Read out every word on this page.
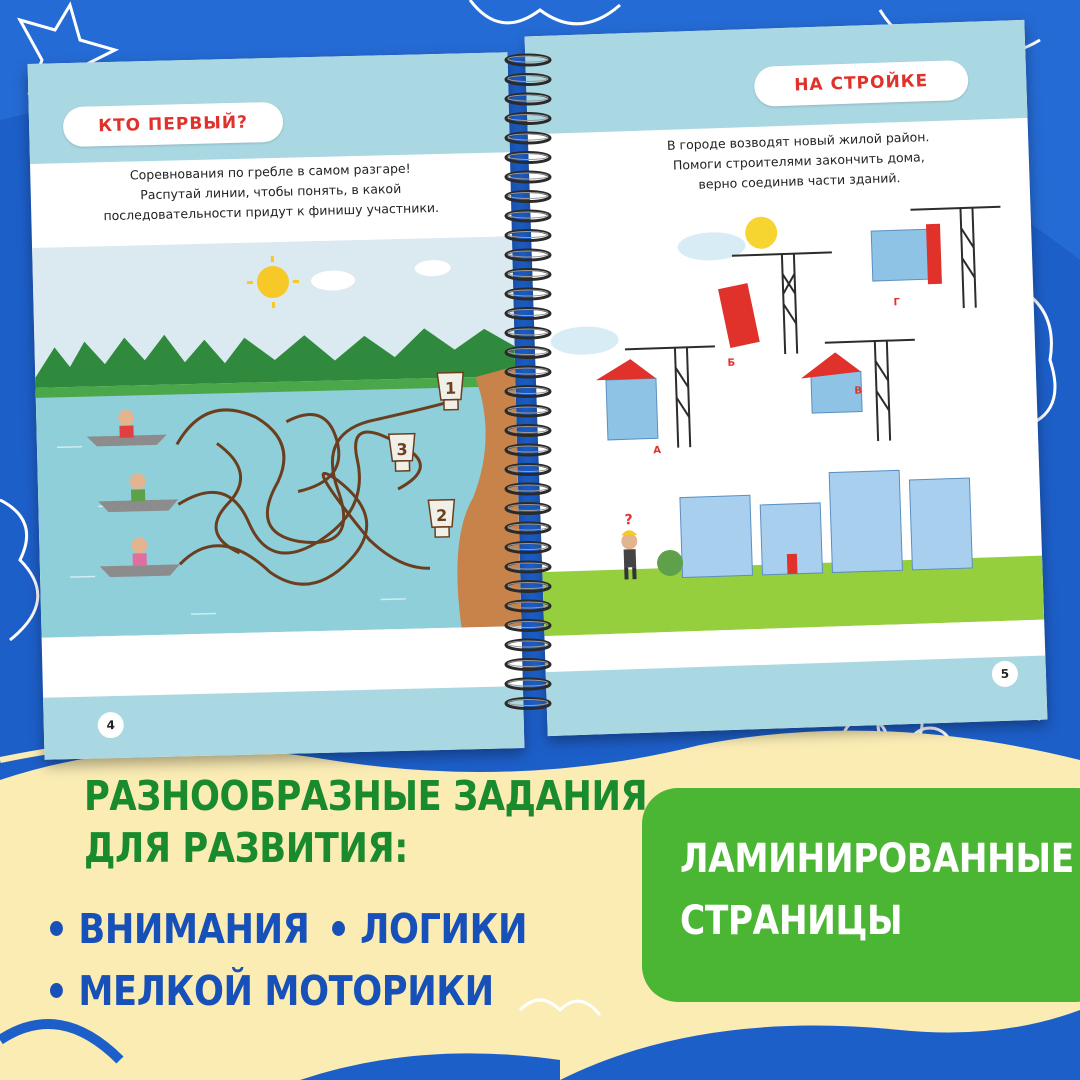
КТО ПЕРВЫЙ?
Соревнования по гребле в самом разгаре!
Распутай линии, чтобы понять, в какой
последовательности придут к финишу участники.
1
3
2
4
НА СТРОЙКЕ
В городе возводят новый жилой район.
Помоги строителями закончить дома,
верно соединив части зданий.
Б
Г
А
В
?
5
РАЗНООБРАЗНЫЕ ЗАДАНИЯ
ДЛЯ РАЗВИТИЯ:
ВНИМАНИЯ ЛОГИКИ
МЕЛКОЙ МОТОРИКИ
ЛАМИНИРОВАННЫЕ
СТРАНИЦЫ
